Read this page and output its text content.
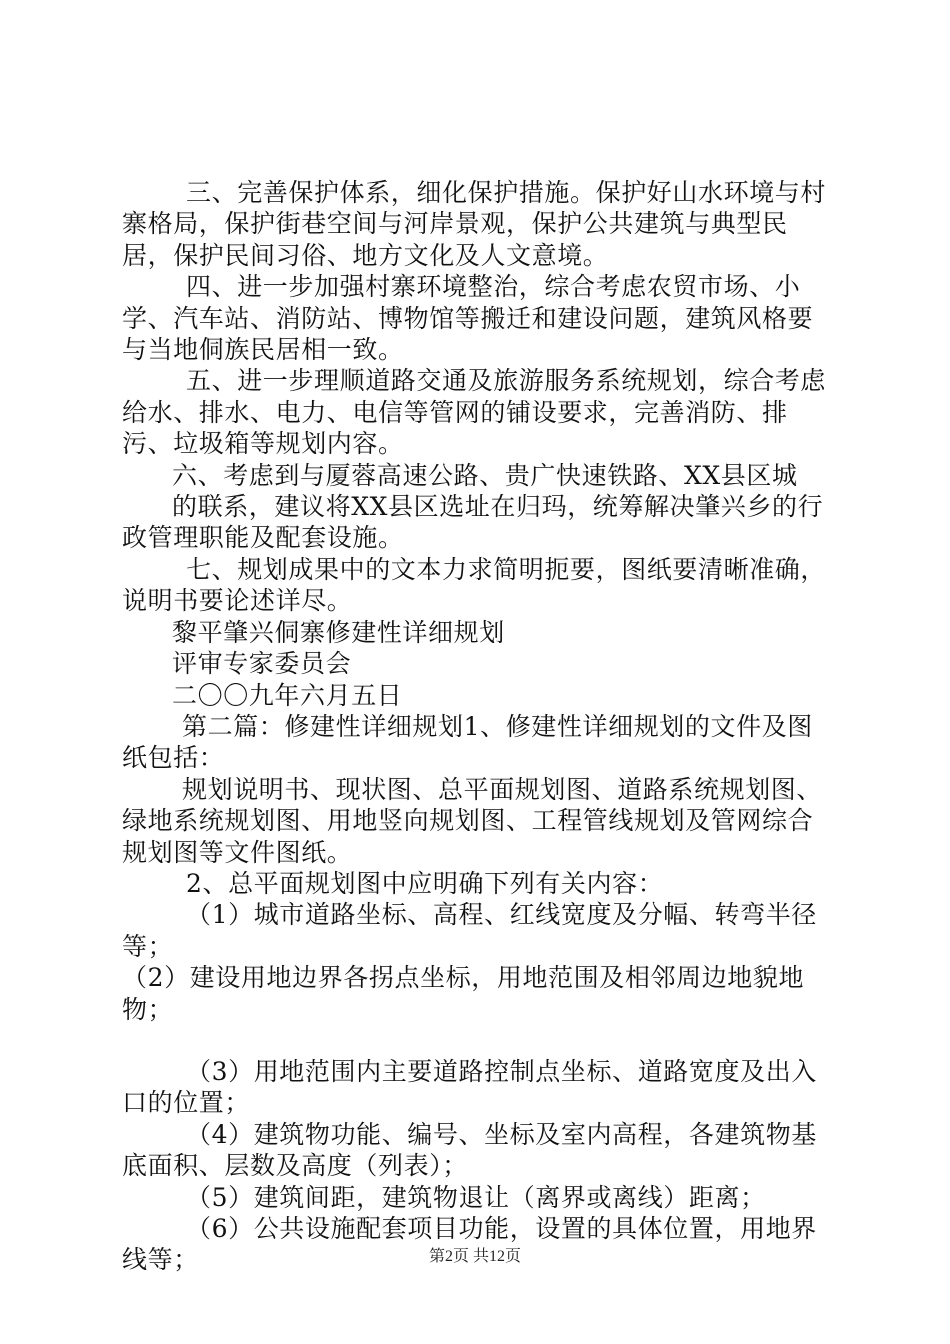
三、完善保护体系，细化保护措施。保护好山水环境与村寨格局，保护街巷空间与河岸景观，保护公共建筑与典型民居，保护民间习俗、地方文化及人文意境。

四、进一步加强村寨环境整治，综合考虑农贸市场、小学、汽车站、消防站、博物馆等搬迁和建设问题，建筑风格要与当地侗族民居相一致。

五、进一步理顺道路交通及旅游服务系统规划，综合考虑给水、排水、电力、电信等管网的铺设要求，完善消防、排污、垃圾箱等规划内容。

六、考虑到与厦蓉高速公路、贵广快速铁路、XX县区城

的联系，建议将XX县区选址在归玛，统筹解决肇兴乡的行政管理职能及配套设施。

七、规划成果中的文本力求简明扼要，图纸要清晰准确，说明书要论述详尽。

黎平肇兴侗寨修建性详细规划

评审专家委员会

二〇〇九年六月五日

第二篇：修建性详细规划1、修建性详细规划的文件及图纸包括：

规划说明书、现状图、总平面规划图、道路系统规划图、绿地系统规划图、用地竖向规划图、工程管线规划及管网综合规划图等文件图纸。

2、总平面规划图中应明确下列有关内容：

（1）城市道路坐标、高程、红线宽度及分幅、转弯半径等；

（2）建设用地边界各拐点坐标，用地范围及相邻周边地貌地物；

（3）用地范围内主要道路控制点坐标、道路宽度及出入口的位置；

（4）建筑物功能、编号、坐标及室内高程，各建筑物基底面积、层数及高度（列表）；

（5）建筑间距，建筑物退让（离界或离线）距离；

（6）公共设施配套项目功能，设置的具体位置，用地界线等；	第2页 共12页
